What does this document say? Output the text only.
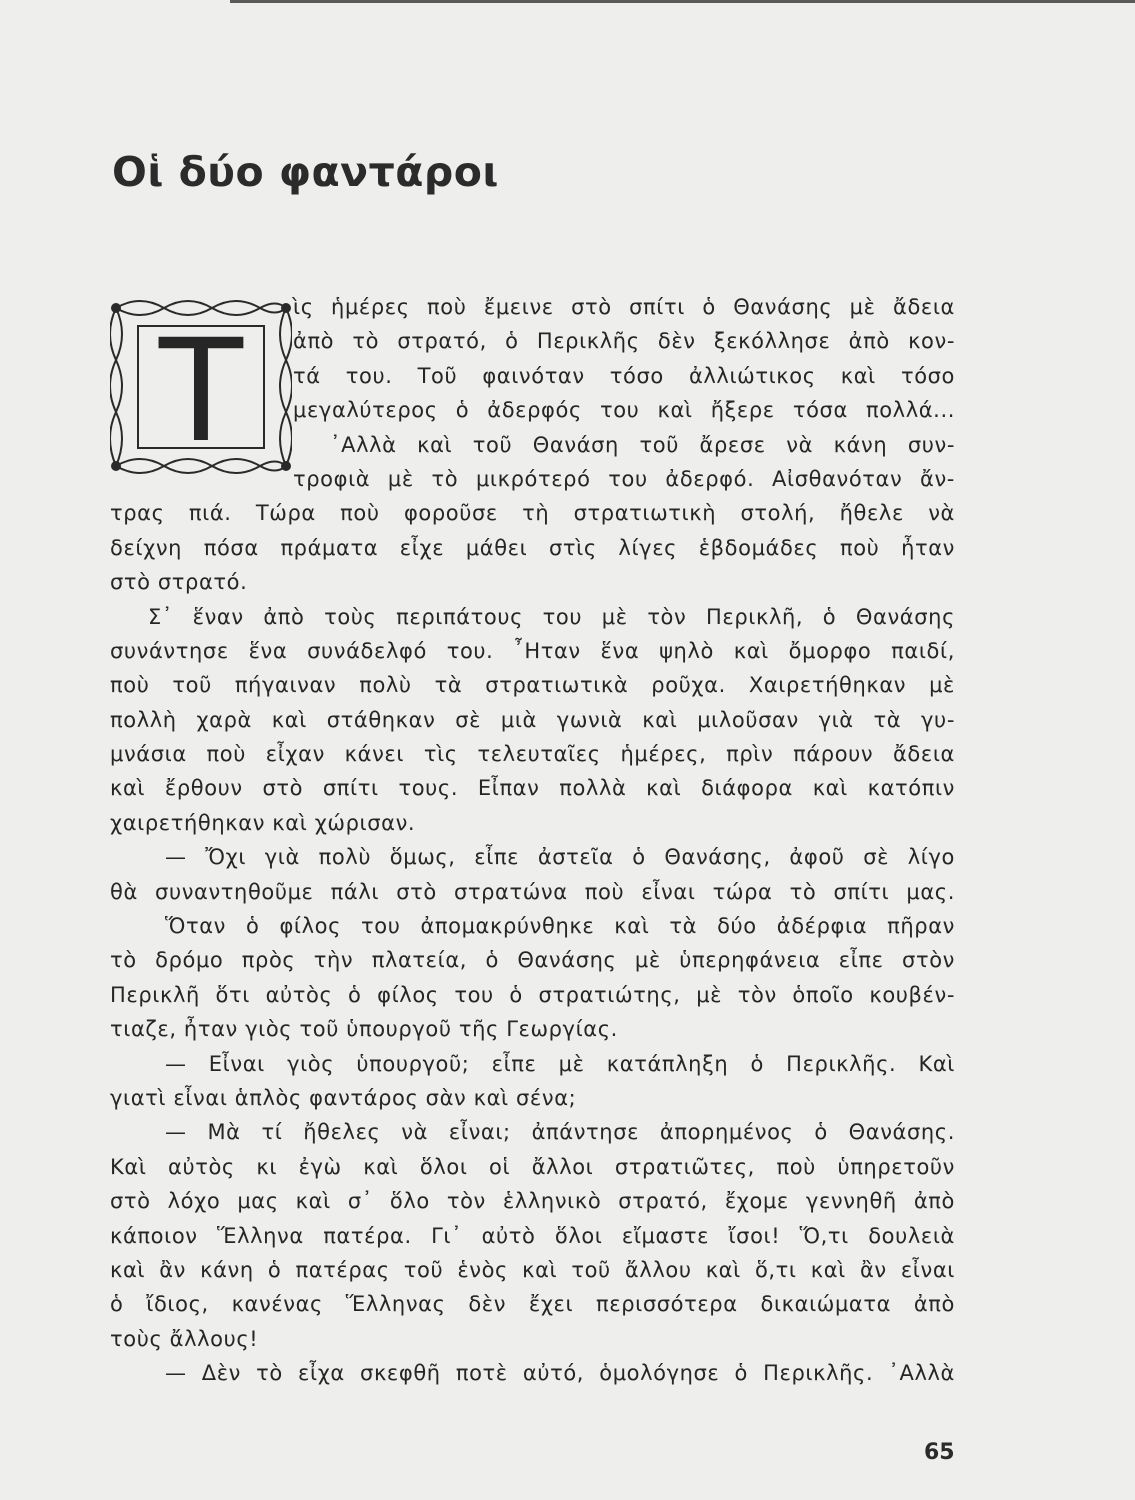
Οἱ δύο φαντάροι
Τ	ὶς ἡμέρες ποὺ ἔμεινε στὸ σπίτι ὁ Θανάσης μὲ ἄδεια
ἀπὸ τὸ στρατό, ὁ Περικλῆς δὲν ξεκόλλησε ἀπὸ κον-
τά του. Τοῦ φαινόταν τόσο ἀλλιώτικος καὶ τόσο
μεγαλύτερος ὁ ἀδερφός του καὶ ἤξερε τόσα πολλά...
᾿Αλλὰ καὶ τοῦ Θανάση τοῦ ἄρεσε νὰ κάνη συν-
τροφιὰ μὲ τὸ μικρότερό του ἀδερφό. Αἰσθανόταν ἄν-
τρας πιά. Τώρα ποὺ φοροῦσε τὴ στρατιωτικὴ στολή, ἤθελε νὰ
δείχνη πόσα πράματα εἶχε μάθει στὶς λίγες ἑβδομάδες ποὺ ἦταν
στὸ στρατό.
Σ᾿ ἕναν ἀπὸ τοὺς περιπάτους του μὲ τὸν Περικλῆ, ὁ Θανάσης
συνάντησε ἕνα συνάδελφό του. ῏Ηταν ἕνα ψηλὸ καὶ ὄμορφο παιδί,
ποὺ τοῦ πήγαιναν πολὺ τὰ στρατιωτικὰ ροῦχα. Χαιρετήθηκαν μὲ
πολλὴ χαρὰ καὶ στάθηκαν σὲ μιὰ γωνιὰ καὶ μιλοῦσαν γιὰ τὰ γυ-
μνάσια ποὺ εἶχαν κάνει τὶς τελευταῖες ἡμέρες, πρὶν πάρουν ἄδεια
καὶ ἔρθουν στὸ σπίτι τους. Εἶπαν πολλὰ καὶ διάφορα καὶ κατόπιν
χαιρετήθηκαν καὶ χώρισαν.
— Ὄχι γιὰ πολὺ ὅμως, εἶπε ἀστεῖα ὁ Θανάσης, ἀφοῦ σὲ λίγο
θὰ συναντηθοῦμε πάλι στὸ στρατώνα ποὺ εἶναι τώρα τὸ σπίτι μας.
Ὅταν ὁ φίλος του ἀπομακρύνθηκε καὶ τὰ δύο ἀδέρφια πῆραν
τὸ δρόμο πρὸς τὴν πλατεία, ὁ Θανάσης μὲ ὑπερηφάνεια εἶπε στὸν
Περικλῆ ὅτι αὐτὸς ὁ φίλος του ὁ στρατιώτης, μὲ τὸν ὁποῖο κουβέν-
τιαζε, ἦταν γιὸς τοῦ ὑπουργοῦ τῆς Γεωργίας.
— Εἶναι γιὸς ὑπουργοῦ; εἶπε μὲ κατάπληξη ὁ Περικλῆς. Καὶ
γιατὶ εἶναι ἁπλὸς φαντάρος σὰν καὶ σένα;
— Μὰ τί ἤθελες νὰ εἶναι; ἀπάντησε ἀπορημένος ὁ Θανάσης.
Καὶ αὐτὸς κι ἐγὼ καὶ ὅλοι οἱ ἄλλοι στρατιῶτες, ποὺ ὑπηρετοῦν
στὸ λόχο μας καὶ σ᾿ ὅλο τὸν ἑλληνικὸ στρατό, ἔχομε γεννηθῆ ἀπὸ
κάποιον Ἕλληνα πατέρα. Γι᾿ αὐτὸ ὅλοι εἴμαστε ἴσοι! Ὅ,τι δουλειὰ
καὶ ἂν κάνη ὁ πατέρας τοῦ ἑνὸς καὶ τοῦ ἄλλου καὶ ὅ,τι καὶ ἂν εἶναι
ὁ ἴδιος, κανένας Ἕλληνας δὲν ἔχει περισσότερα δικαιώματα ἀπὸ
τοὺς ἄλλους!
— Δὲν τὸ εἶχα σκεφθῆ ποτὲ αὐτό, ὁμολόγησε ὁ Περικλῆς. ᾿Αλλὰ
65
